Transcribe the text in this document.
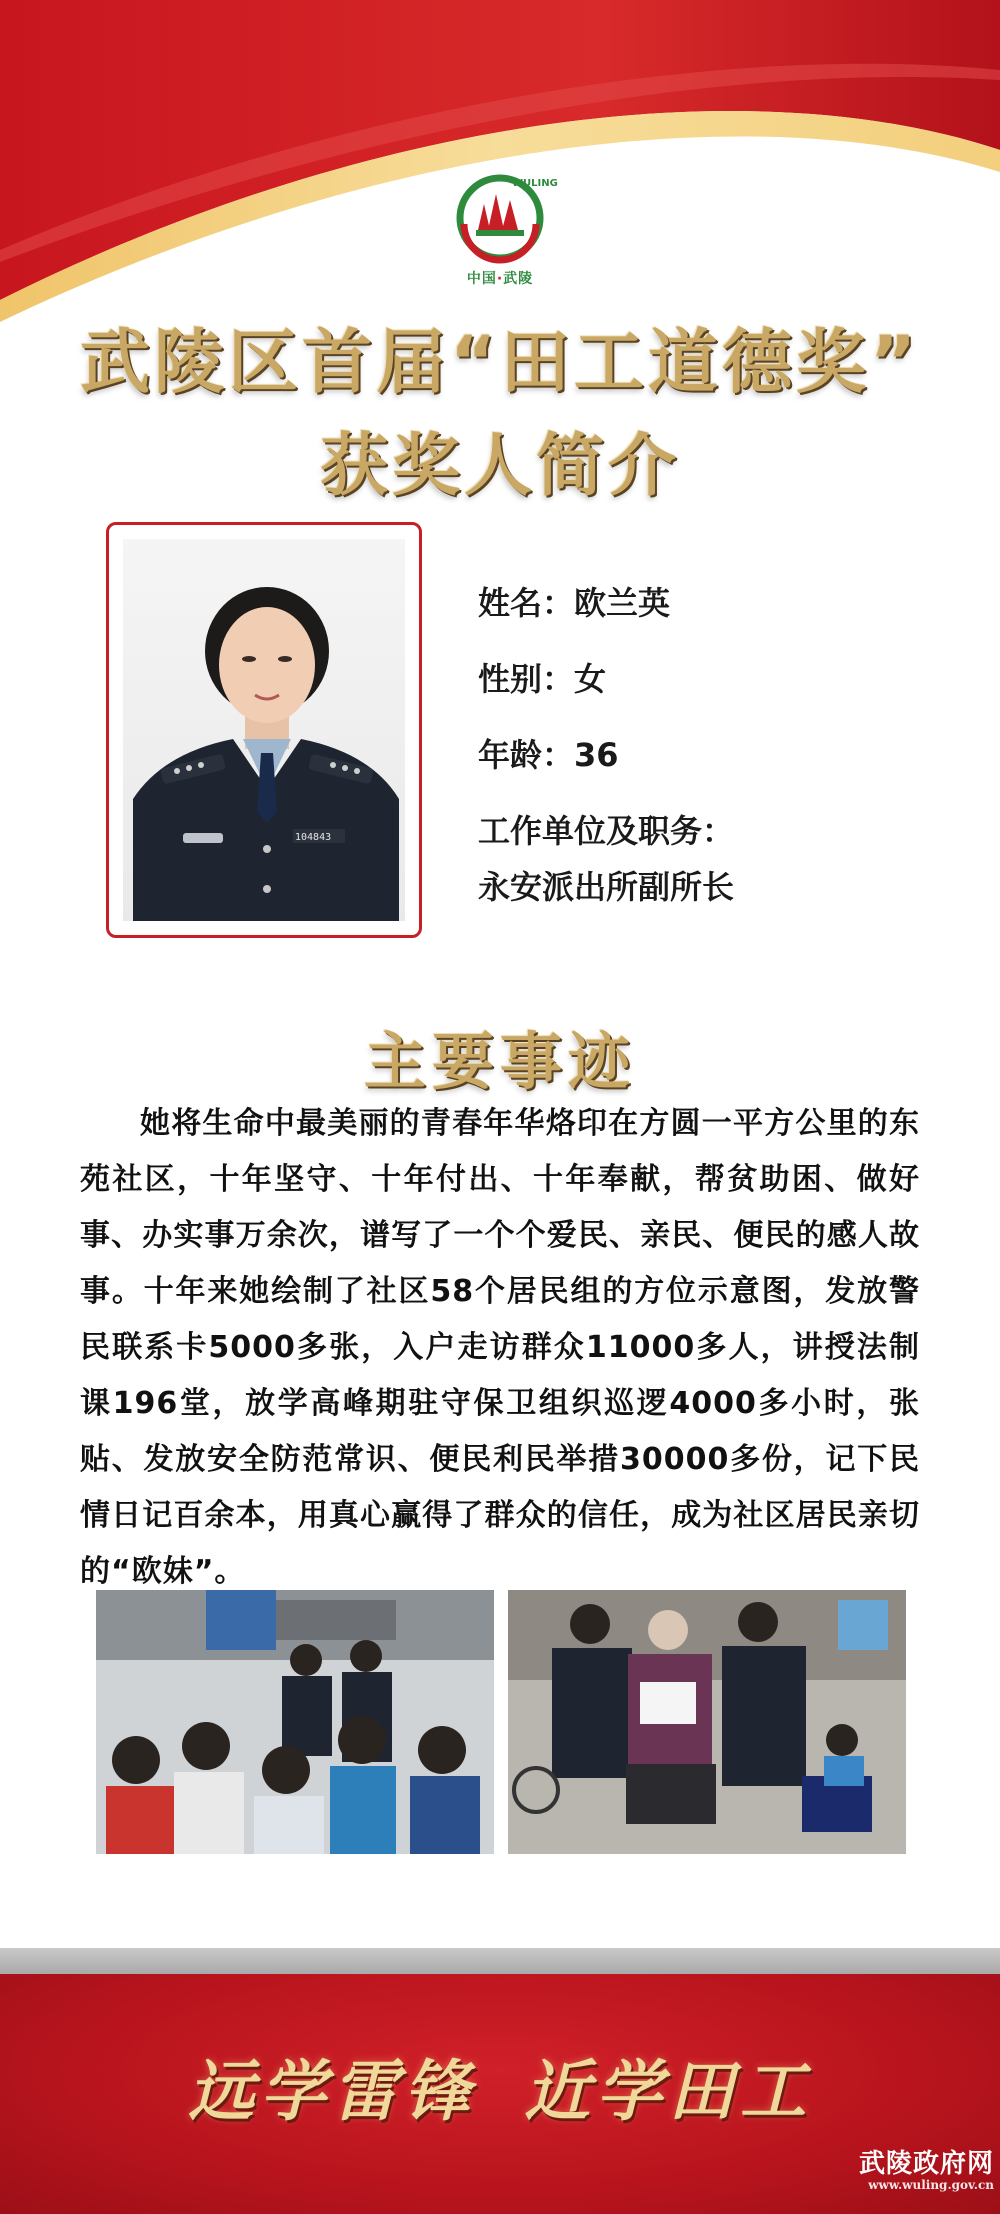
WULING
中国·武陵
武陵区首届“田工道德奖”
获奖人简介
104843
姓名：欧兰英
性别：女
年龄：36
工作单位及职务：
永安派出所副所长
主要事迹

她将生命中最美丽的青春年华烙印在方圆一平方公里的东苑社区，十年坚守、十年付出、十年奉献，帮贫助困、做好事、办实事万余次，谱写了一个个爱民、亲民、便民的感人故事。十年来她绘制了社区58个居民组的方位示意图，发放警民联系卡5000多张，入户走访群众11000多人，讲授法制课196堂，放学高峰期驻守保卫组织巡逻4000多小时，张贴、发放安全防范常识、便民利民举措30000多份，记下民情日记百余本，用真心赢得了群众的信任，成为社区居民亲切的“欧妹”。

远学雷锋 近学田工
武陵政府网
www.wuling.gov.cn
